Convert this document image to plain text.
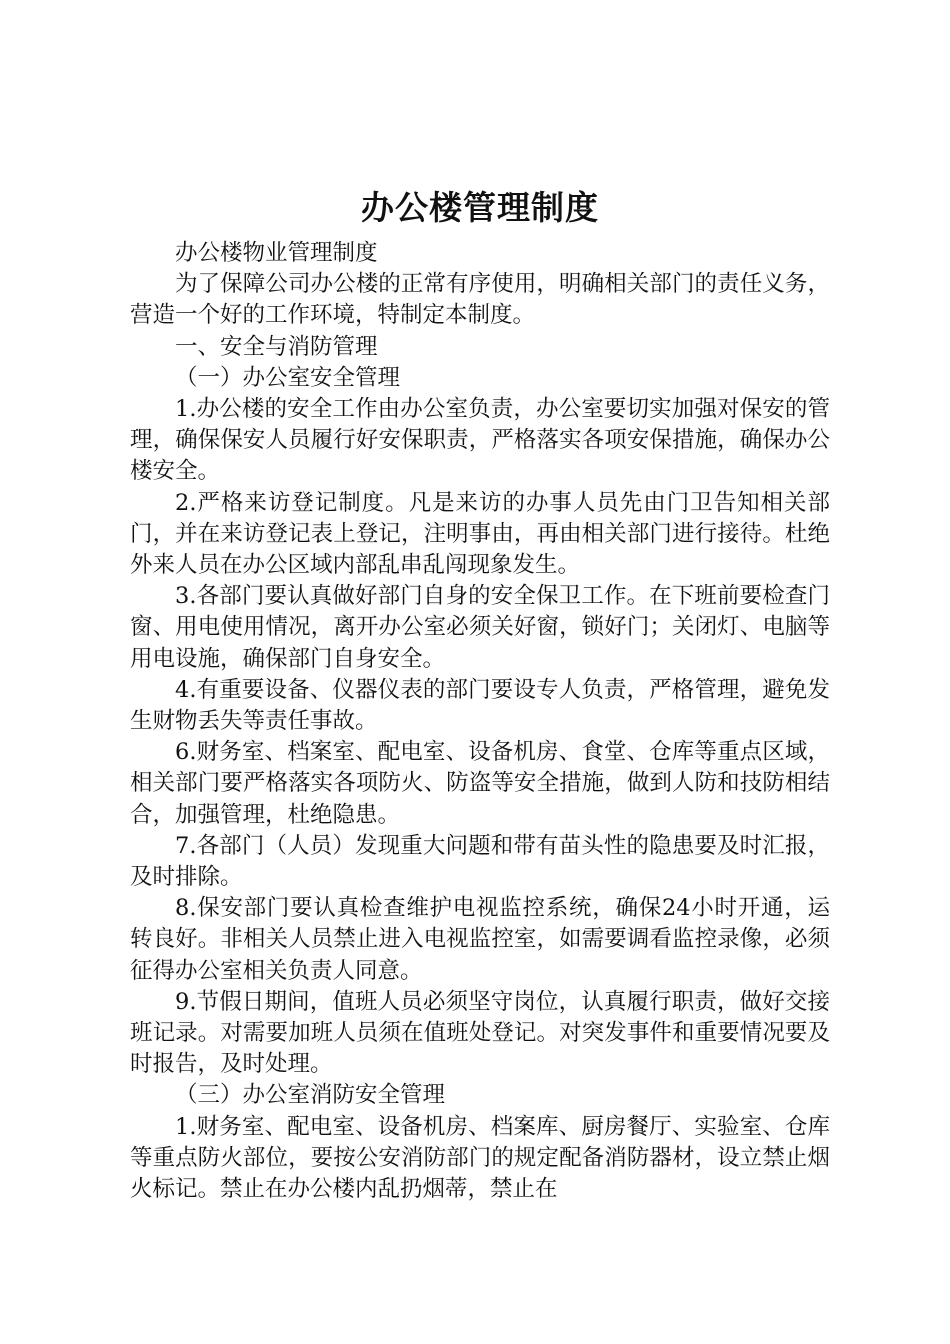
办公楼管理制度

办公楼物业管理制度

为了保障公司办公楼的正常有序使用，明确相关部门的责任义务，营造一个好的工作环境，特制定本制度。

一、安全与消防管理

（一）办公室安全管理

1.办公楼的安全工作由办公室负责，办公室要切实加强对保安的管理，确保保安人员履行好安保职责，严格落实各项安保措施，确保办公楼安全。

2.严格来访登记制度。凡是来访的办事人员先由门卫告知相关部门，并在来访登记表上登记，注明事由，再由相关部门进行接待。杜绝外来人员在办公区域内部乱串乱闯现象发生。

3.各部门要认真做好部门自身的安全保卫工作。在下班前要检查门窗、用电使用情况，离开办公室必须关好窗，锁好门；关闭灯、电脑等用电设施，确保部门自身安全。

4.有重要设备、仪器仪表的部门要设专人负责，严格管理，避免发生财物丢失等责任事故。

6.财务室、档案室、配电室、设备机房、食堂、仓库等重点区域，相关部门要严格落实各项防火、防盗等安全措施，做到人防和技防相结合，加强管理，杜绝隐患。

7.各部门（人员）发现重大问题和带有苗头性的隐患要及时汇报，及时排除。

8.保安部门要认真检查维护电视监控系统，确保24小时开通，运转良好。非相关人员禁止进入电视监控室，如需要调看监控录像，必须征得办公室相关负责人同意。

9.节假日期间，值班人员必须坚守岗位，认真履行职责，做好交接班记录。对需要加班人员须在值班处登记。对突发事件和重要情况要及时报告，及时处理。

（三）办公室消防安全管理

1.财务室、配电室、设备机房、档案库、厨房餐厅、实验室、仓库等重点防火部位，要按公安消防部门的规定配备消防器材，设立禁止烟火标记。禁止在办公楼内乱扔烟蒂，禁止在
